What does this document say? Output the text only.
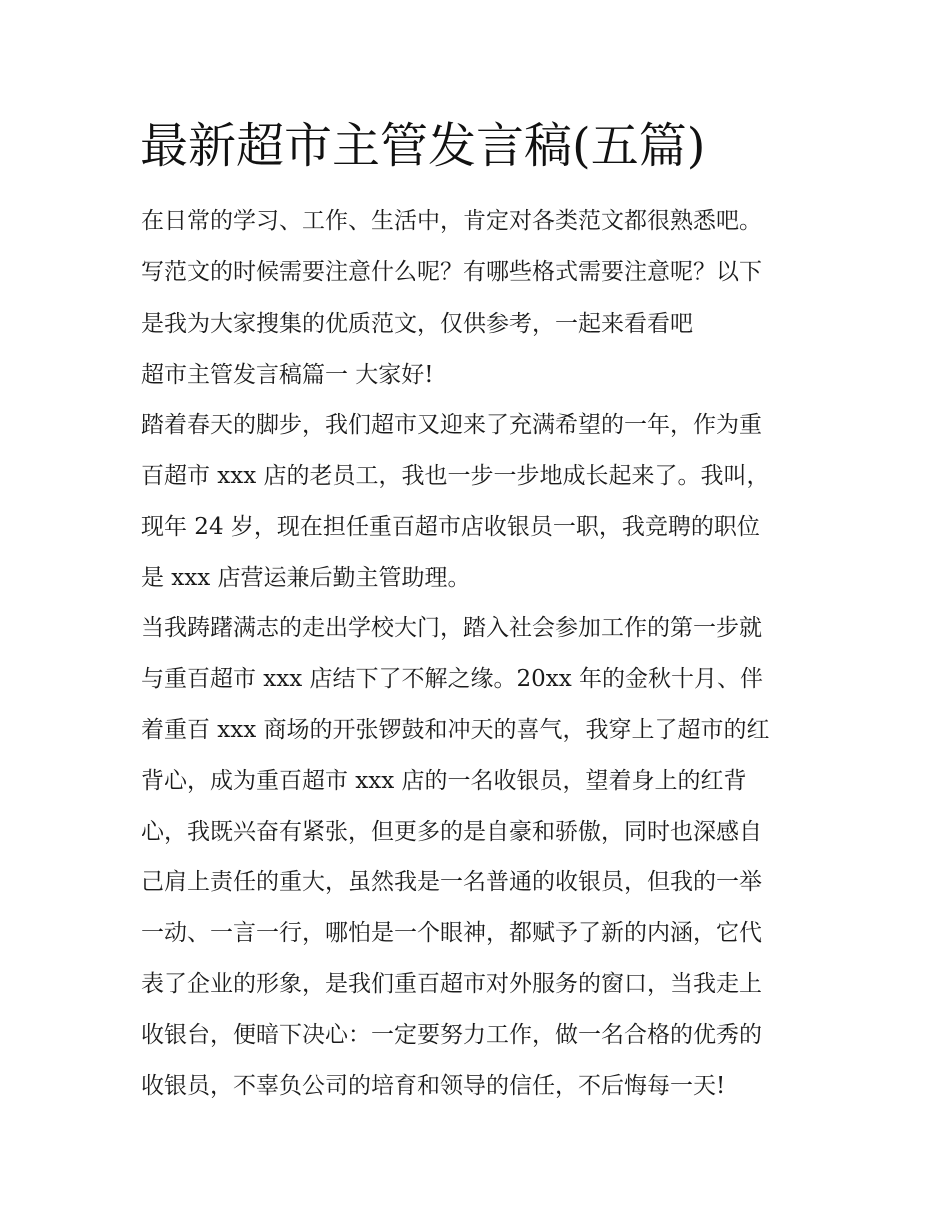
最新超市主管发言稿(五篇)

在日常的学习、工作、生活中，肯定对各类范文都很熟悉吧。

写范文的时候需要注意什么呢？有哪些格式需要注意呢？以下

是我为大家搜集的优质范文，仅供参考，一起来看看吧

超市主管发言稿篇一 大家好!

踏着春天的脚步，我们超市又迎来了充满希望的一年，作为重

百超市 xxx 店的老员工，我也一步一步地成长起来了。我叫，

现年 24 岁，现在担任重百超市店收银员一职，我竞聘的职位

是 xxx 店营运兼后勤主管助理。

当我踌躇满志的走出学校大门，踏入社会参加工作的第一步就

与重百超市 xxx 店结下了不解之缘。20xx 年的金秋十月、伴

着重百 xxx 商场的开张锣鼓和冲天的喜气，我穿上了超市的红

背心，成为重百超市 xxx 店的一名收银员，望着身上的红背

心，我既兴奋有紧张，但更多的是自豪和骄傲，同时也深感自

己肩上责任的重大，虽然我是一名普通的收银员，但我的一举

一动、一言一行，哪怕是一个眼神，都赋予了新的内涵，它代

表了企业的形象，是我们重百超市对外服务的窗口，当我走上

收银台，便暗下决心：一定要努力工作，做一名合格的优秀的

收银员，不辜负公司的培育和领导的信任，不后悔每一天!
